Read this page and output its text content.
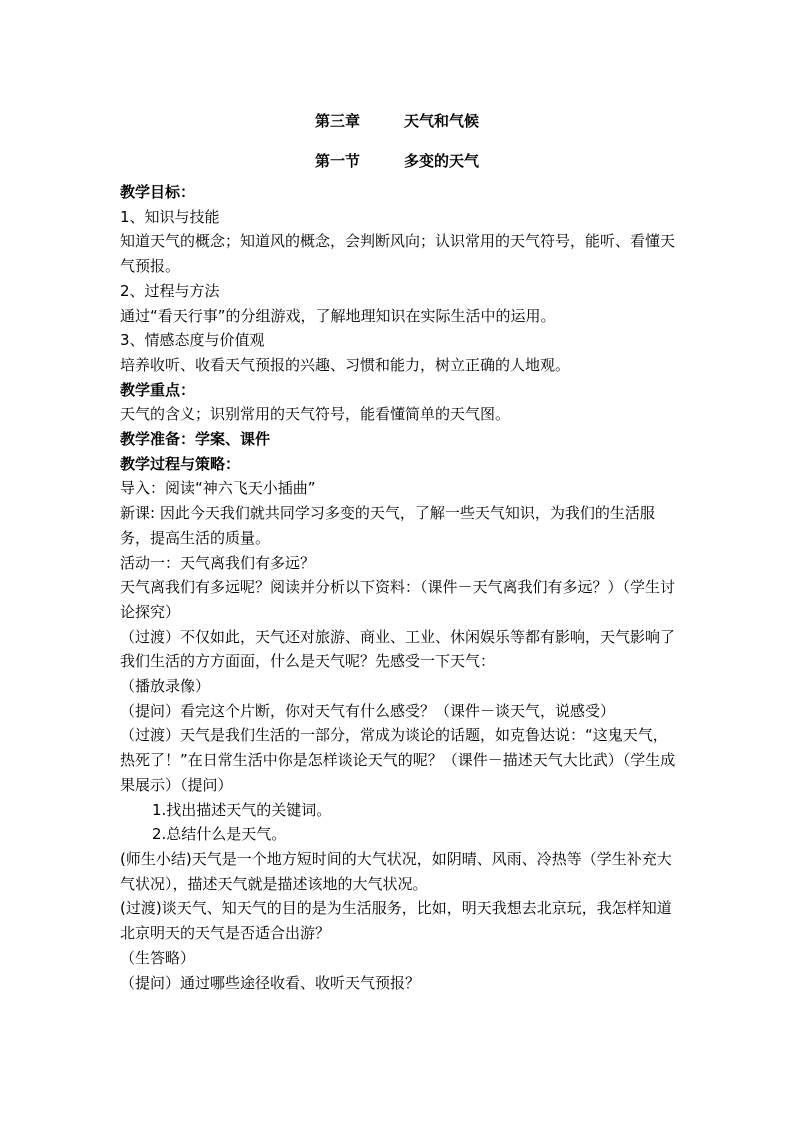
第三章	天气和气候
第一节	多变的天气

教学目标：

1、知识与技能

知道天气的概念；知道风的概念，会判断风向；认识常用的天气符号，能听、看懂天气预报。

2、过程与方法

通过“看天行事”的分组游戏，了解地理知识在实际生活中的运用。

3、情感态度与价值观

培养收听、收看天气预报的兴趣、习惯和能力，树立正确的人地观。

教学重点：

天气的含义；识别常用的天气符号，能看懂简单的天气图。

教学准备：学案、课件

教学过程与策略：

导入：阅读“神六飞天小插曲”

新课: 因此今天我们就共同学习多变的天气，了解一些天气知识，为我们的生活服务，提高生活的质量。

活动一：天气离我们有多远？

天气离我们有多远呢？阅读并分析以下资料：（课件－天气离我们有多远？）（学生讨论探究）

（过渡）不仅如此，天气还对旅游、商业、工业、休闲娱乐等都有影响，天气影响了我们生活的方方面面，什么是天气呢？先感受一下天气：

（播放录像）

（提问）看完这个片断，你对天气有什么感受？（课件－谈天气，说感受）

（过渡）天气是我们生活的一部分，常成为谈论的话题，如克鲁达说：“这鬼天气，热死了！”在日常生活中你是怎样谈论天气的呢？（课件－描述天气大比武）（学生成果展示）（提问）

1.找出描述天气的关键词。

2.总结什么是天气。

(师生小结)天气是一个地方短时间的大气状况，如阴晴、风雨、冷热等（学生补充大气状况），描述天气就是描述该地的大气状况。

(过渡)谈天气、知天气的目的是为生活服务，比如，明天我想去北京玩，我怎样知道北京明天的天气是否适合出游？

（生答略）

（提问）通过哪些途径收看、收听天气预报？
